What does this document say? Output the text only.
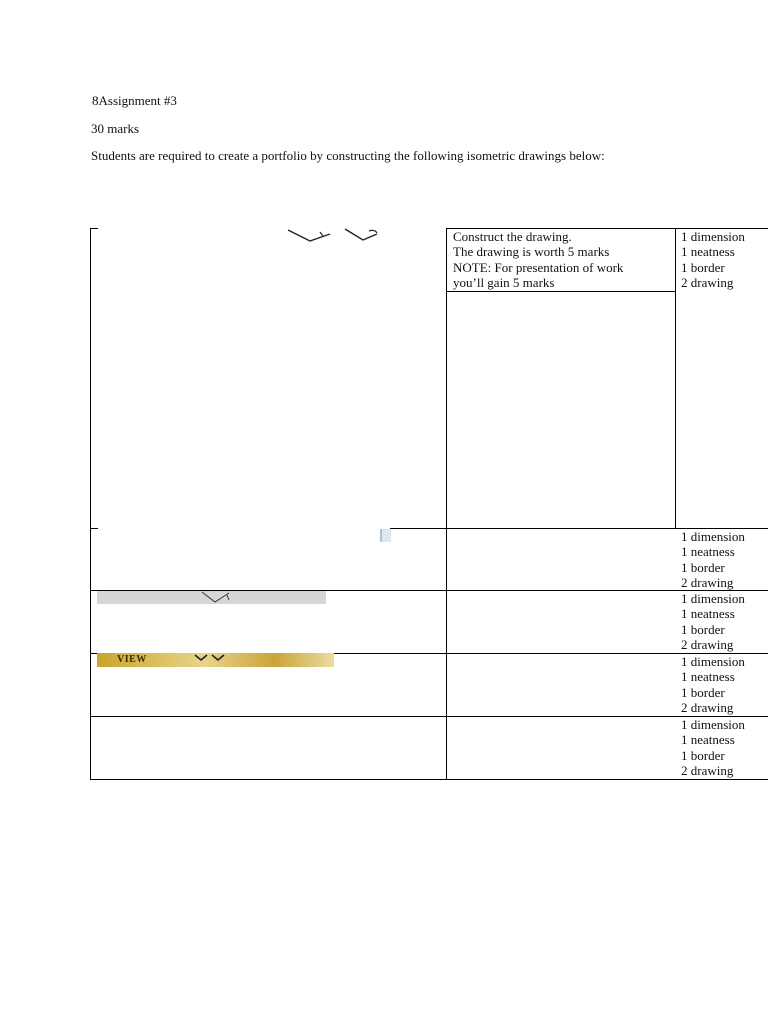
8Assignment #3
30 marks
Students are required to create a portfolio by constructing the following isometric drawings below:
VIEW
.
Construct the drawing.
The drawing is worth 5 marks
NOTE: For presentation of work
you’ll gain 5 marks
1 dimension
1 neatness
1 border
2 drawing
1 dimension
1 neatness
1 border
2 drawing
1 dimension
1 neatness
1 border
2 drawing
1 dimension
1 neatness
1 border
2 drawing
1 dimension
1 neatness
1 border
2 drawing
